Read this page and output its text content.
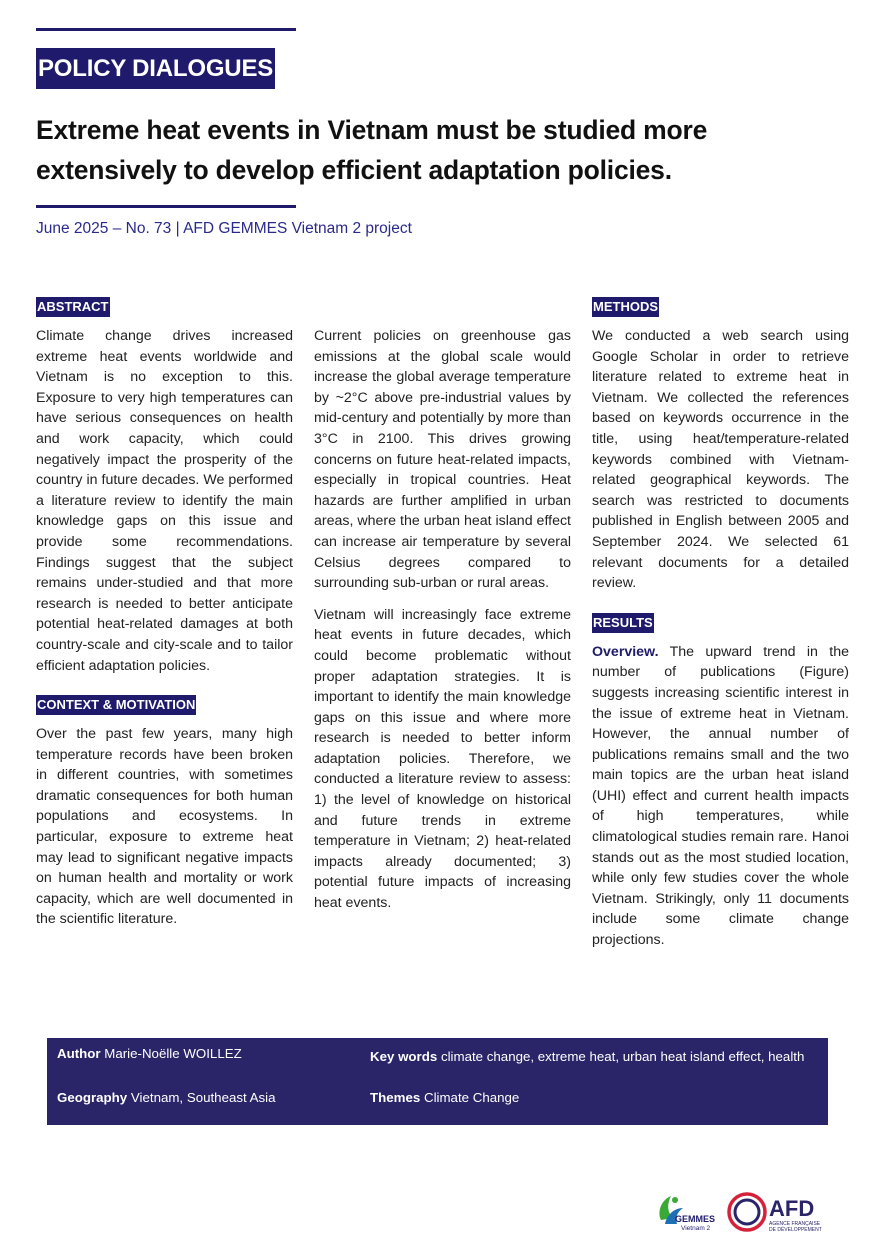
POLICY DIALOGUES
Extreme heat events in Vietnam must be studied more extensively to develop efficient adaptation policies.
June 2025 – No. 73 | AFD GEMMES Vietnam 2 project
ABSTRACT

Climate change drives increased extreme heat events worldwide and Vietnam is no exception to this. Exposure to very high temperatures can have serious consequences on health and work capacity, which could negatively impact the prosperity of the country in future decades. We performed a literature review to identify the main knowledge gaps on this issue and provide some recommendations. Findings suggest that the subject remains under-studied and that more research is needed to better anticipate potential heat-related damages at both country-scale and city-scale and to tailor efficient adaptation policies.

CONTEXT & MOTIVATION

Over the past few years, many high temperature records have been broken in different countries, with sometimes dramatic consequences for both human populations and ecosystems. In particular, exposure to extreme heat may lead to significant negative impacts on human health and mortality or work capacity, which are well documented in the scientific literature.

Current policies on greenhouse gas emissions at the global scale would increase the global average temperature by ~2°C above pre-industrial values by mid-century and potentially by more than 3°C in 2100. This drives growing concerns on future heat-related impacts, especially in tropical countries. Heat hazards are further amplified in urban areas, where the urban heat island effect can increase air temperature by several Celsius degrees compared to surrounding sub-urban or rural areas.

Vietnam will increasingly face extreme heat events in future decades, which could become problematic without proper adaptation strategies. It is important to identify the main knowledge gaps on this issue and where more research is needed to better inform adaptation policies. Therefore, we conducted a literature review to assess: 1) the level of knowledge on historical and future trends in extreme temperature in Vietnam; 2) heat-related impacts already documented; 3) potential future impacts of increasing heat events.

METHODS

We conducted a web search using Google Scholar in order to retrieve literature related to extreme heat in Vietnam. We collected the references based on keywords occurrence in the title, using heat/temperature-related keywords combined with Vietnam-related geographical keywords. The search was restricted to documents published in English between 2005 and September 2024. We selected 61 relevant documents for a detailed review.

RESULTS

Overview. The upward trend in the number of publications (Figure) suggests increasing scientific interest in the issue of extreme heat in Vietnam. However, the annual number of publications remains small and the two main topics are the urban heat island (UHI) effect and current health impacts of high temperatures, while climatological studies remain rare. Hanoi stands out as the most studied location, while only few studies cover the whole Vietnam. Strikingly, only 11 documents include some climate change projections.

Author Marie-Noëlle WOILLEZ	Key words climate change, extreme heat, urban heat island effect, health
Geography Vietnam, Southeast Asia	Themes Climate Change
GEMMES
Vietnam 2
AFD
AGENCE FRANÇAISE
DE DÉVELOPPEMENT
